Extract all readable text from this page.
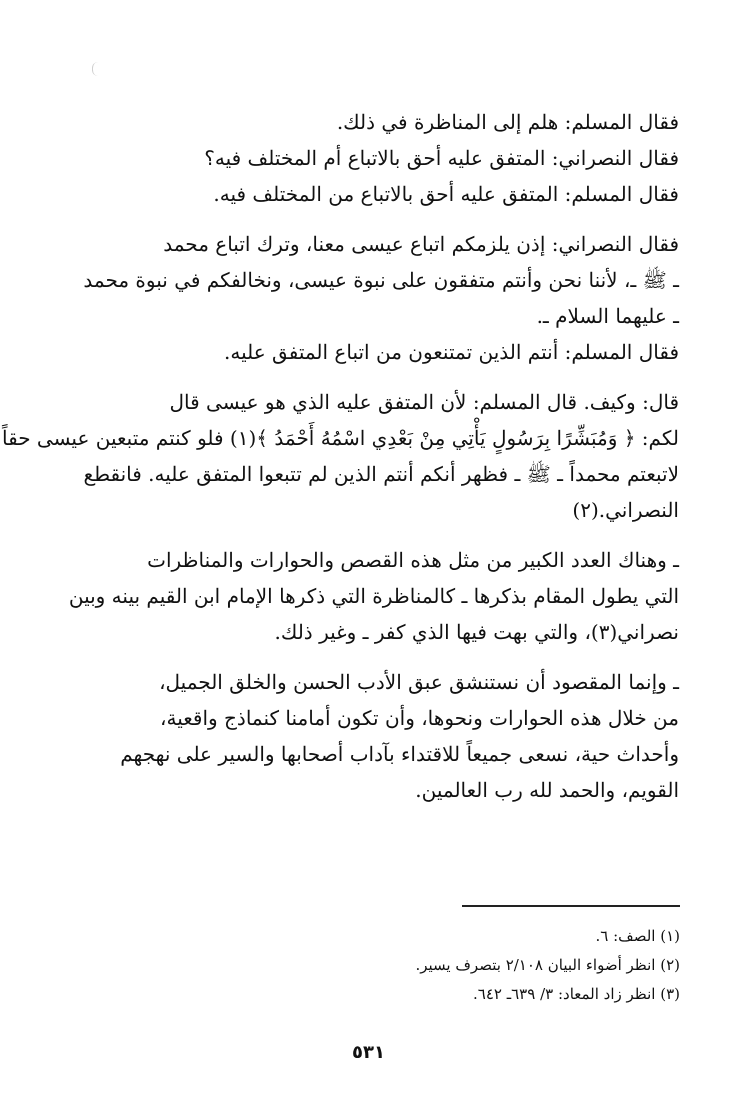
فقال المسلم: هلم إلى المناظرة في ذلك.
فقال النصراني: المتفق عليه أحق بالاتباع أم المختلف فيه؟
فقال المسلم: المتفق عليه أحق بالاتباع من المختلف فيه.
فقال النصراني: إذن يلزمكم اتباع عيسى معنا، وترك اتباع محمد
ـ ﷺ ـ، لأننا نحن وأنتم متفقون على نبوة عيسى، ونخالفكم في نبوة محمد
ـ عليهما السلام ـ.
فقال المسلم: أنتم الذين تمتنعون من اتباع المتفق عليه.
قال: وكيف. قال المسلم: لأن المتفق عليه الذي هو عيسى قال
لكم: ﴿ وَمُبَشِّرًا بِرَسُولٍ يَأْتِي مِنْ بَعْدِي اسْمُهُ أَحْمَدُ ﴾(١) فلو كنتم متبعين عيسى حقاً
لاتبعتم محمداً ـ ﷺ ـ فظهر أنكم أنتم الذين لم تتبعوا المتفق عليه. فانقطع
النصراني.(٢)
ـ وهناك العدد الكبير من مثل هذه القصص والحوارات والمناظرات
التي يطول المقام بذكرها ـ كالمناظرة التي ذكرها الإمام ابن القيم بينه وبين
نصراني(٣)، والتي بهت فيها الذي كفر ـ وغير ذلك.
ـ وإنما المقصود أن نستنشق عبق الأدب الحسن والخلق الجميل،
من خلال هذه الحوارات ونحوها، وأن تكون أمامنا كنماذج واقعية،
وأحداث حية، نسعى جميعاً للاقتداء بآداب أصحابها والسير على نهجهم
القويم، والحمد لله رب العالمين.
(١) الصف: ٦.
(٢) انظر أضواء البيان ٢/١٠٨ بتصرف يسير.
(٣) انظر زاد المعاد: ٣/ ٦٣٩ـ ٦٤٢.
٥٣١
